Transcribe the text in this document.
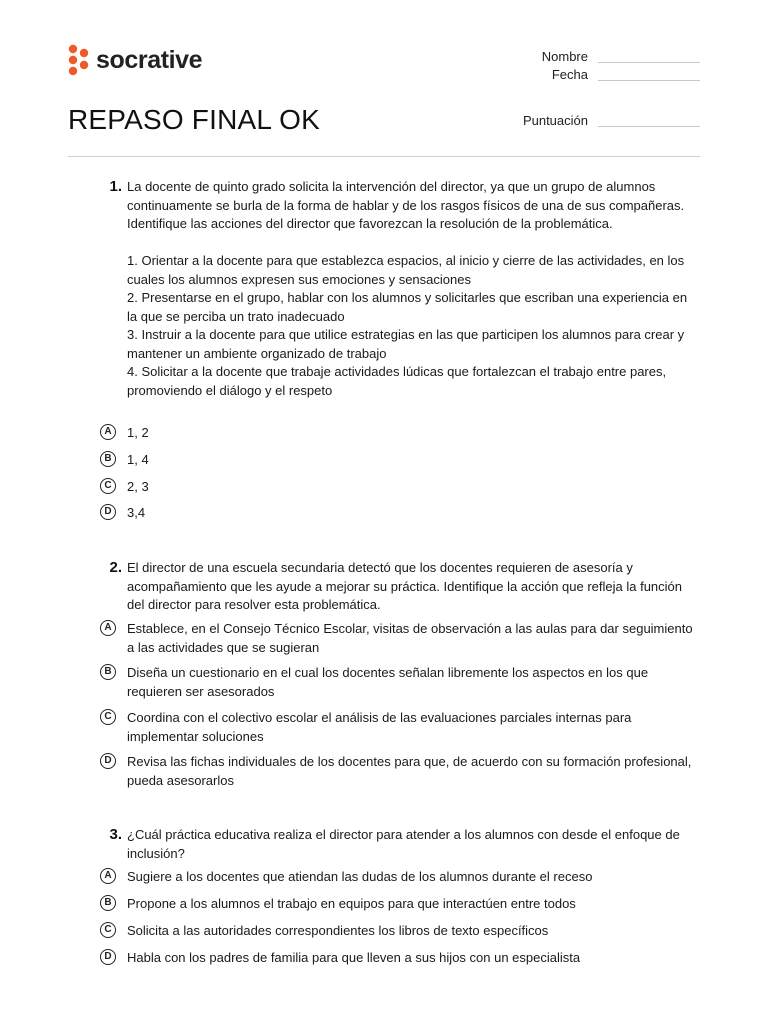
socrative	Nombre
Fecha
Puntuación
REPASO FINAL OK
1. La docente de quinto grado solicita la intervención del director, ya que un grupo de alumnos continuamente se burla de la forma de hablar y de los rasgos físicos de una de sus compañeras. Identifique las acciones del director que favorezcan la resolución de la problemática.

1. Orientar a la docente para que establezca espacios, al inicio y cierre de las actividades, en los cuales los alumnos expresen sus emociones y sensaciones

2. Presentarse en el grupo, hablar con los alumnos y solicitarles que escriban una experiencia en la que se perciba un trato inadecuado

3. Instruir a la docente para que utilice estrategias en las que participen los alumnos para crear y mantener un ambiente organizado de trabajo

4. Solicitar a la docente que trabaje actividades lúdicas que fortalezcan el trabajo entre pares, promoviendo el diálogo y el respeto

A	1, 2
B	1, 4
C	2, 3
D	3,4
2. El director de una escuela secundaria detectó que los docentes requieren de asesoría y acompañamiento que les ayude a mejorar su práctica. Identifique la acción que refleja la función del director para resolver esta problemática.

A	Establece, en el Consejo Técnico Escolar, visitas de observación a las aulas para dar seguimiento a las actividades que se sugieran
B	Diseña un cuestionario en el cual los docentes señalan libremente los aspectos en los que requieren ser asesorados
C	Coordina con el colectivo escolar el análisis de las evaluaciones parciales internas para implementar soluciones
D	Revisa las fichas individuales de los docentes para que, de acuerdo con su formación profesional, pueda asesorarlos
3. ¿Cuál práctica educativa realiza el director para atender a los alumnos con desde el enfoque de inclusión?

A	Sugiere a los docentes que atiendan las dudas de los alumnos durante el receso
B	Propone a los alumnos el trabajo en equipos para que interactúen entre todos
C	Solicita a las autoridades correspondientes los libros de texto específicos
D	Habla con los padres de familia para que lleven a sus hijos con un especialista
